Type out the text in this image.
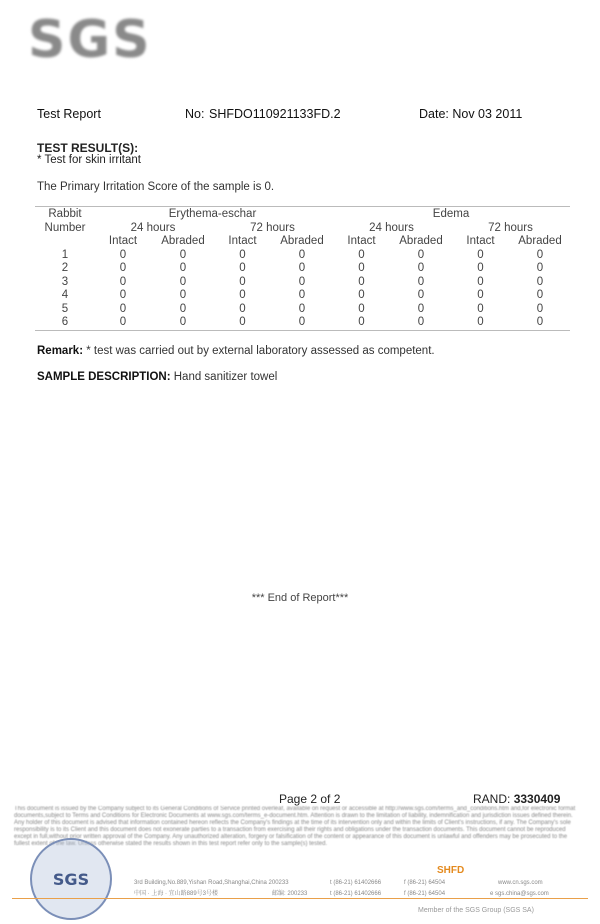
SGS
Test Report	No: SHFDO110921133FD.2	Date: Nov 03 2011
TEST RESULT(S):
* Test for skin irritant
The Primary Irritation Score of the sample is 0.
Rabbit	Erythema-eschar				Edema			
Number	24 hours		72 hours		24 hours		72 hours	
	Intact	Abraded	Intact	Abraded	Intact	Abraded	Intact	Abraded
1	0	0	0	0	0	0	0	0
2	0	0	0	0	0	0	0	0
3	0	0	0	0	0	0	0	0
4	0	0	0	0	0	0	0	0
5	0	0	0	0	0	0	0	0
6	0	0	0	0	0	0	0	0
Remark: * test was carried out by external laboratory assessed as competent.
SAMPLE DESCRIPTION: Hand sanitizer towel
*** End of Report***
Page 2 of 2	RAND: 3330409
This document is issued by the Company subject to its General Conditions of Service printed overleaf, available on request or accessible at http://www.sgs.com/terms_and_conditions.htm and,for electronic format documents,subject to Terms and Conditions for Electronic Documents at www.sgs.com/terms_e-document.htm. Attention is drawn to the limitation of liability, indemnification and jurisdiction issues defined therein. Any holder of this document is advised that information contained hereon reflects the Company's findings at the time of its intervention only and within the limits of Client's instructions, if any. The Company's sole responsibility is to its Client and this document does not exonerate parties to a transaction from exercising all their rights and obligations under the transaction documents. This document cannot be reproduced except in full,without prior written approval of the Company. Any unauthorized alteration, forgery or falsification of the content or appearance of this document is unlawful and offenders may be prosecuted to the fullest extent of the law. Unless otherwise stated the results shown in this test report refer only to the sample(s) tested.
SGS	SHFD
3rd Building,No.889,Yishan Road,Shanghai,China 200233
中国 · 上海 · 宜山路889号3号楼	邮编: 200233
t (86-21) 61402666
t (86-21) 61402666
f (86-21) 64504
f (86-21) 64504
www.cn.sgs.com
e sgs.china@sgs.com
Member of the SGS Group (SGS SA)
